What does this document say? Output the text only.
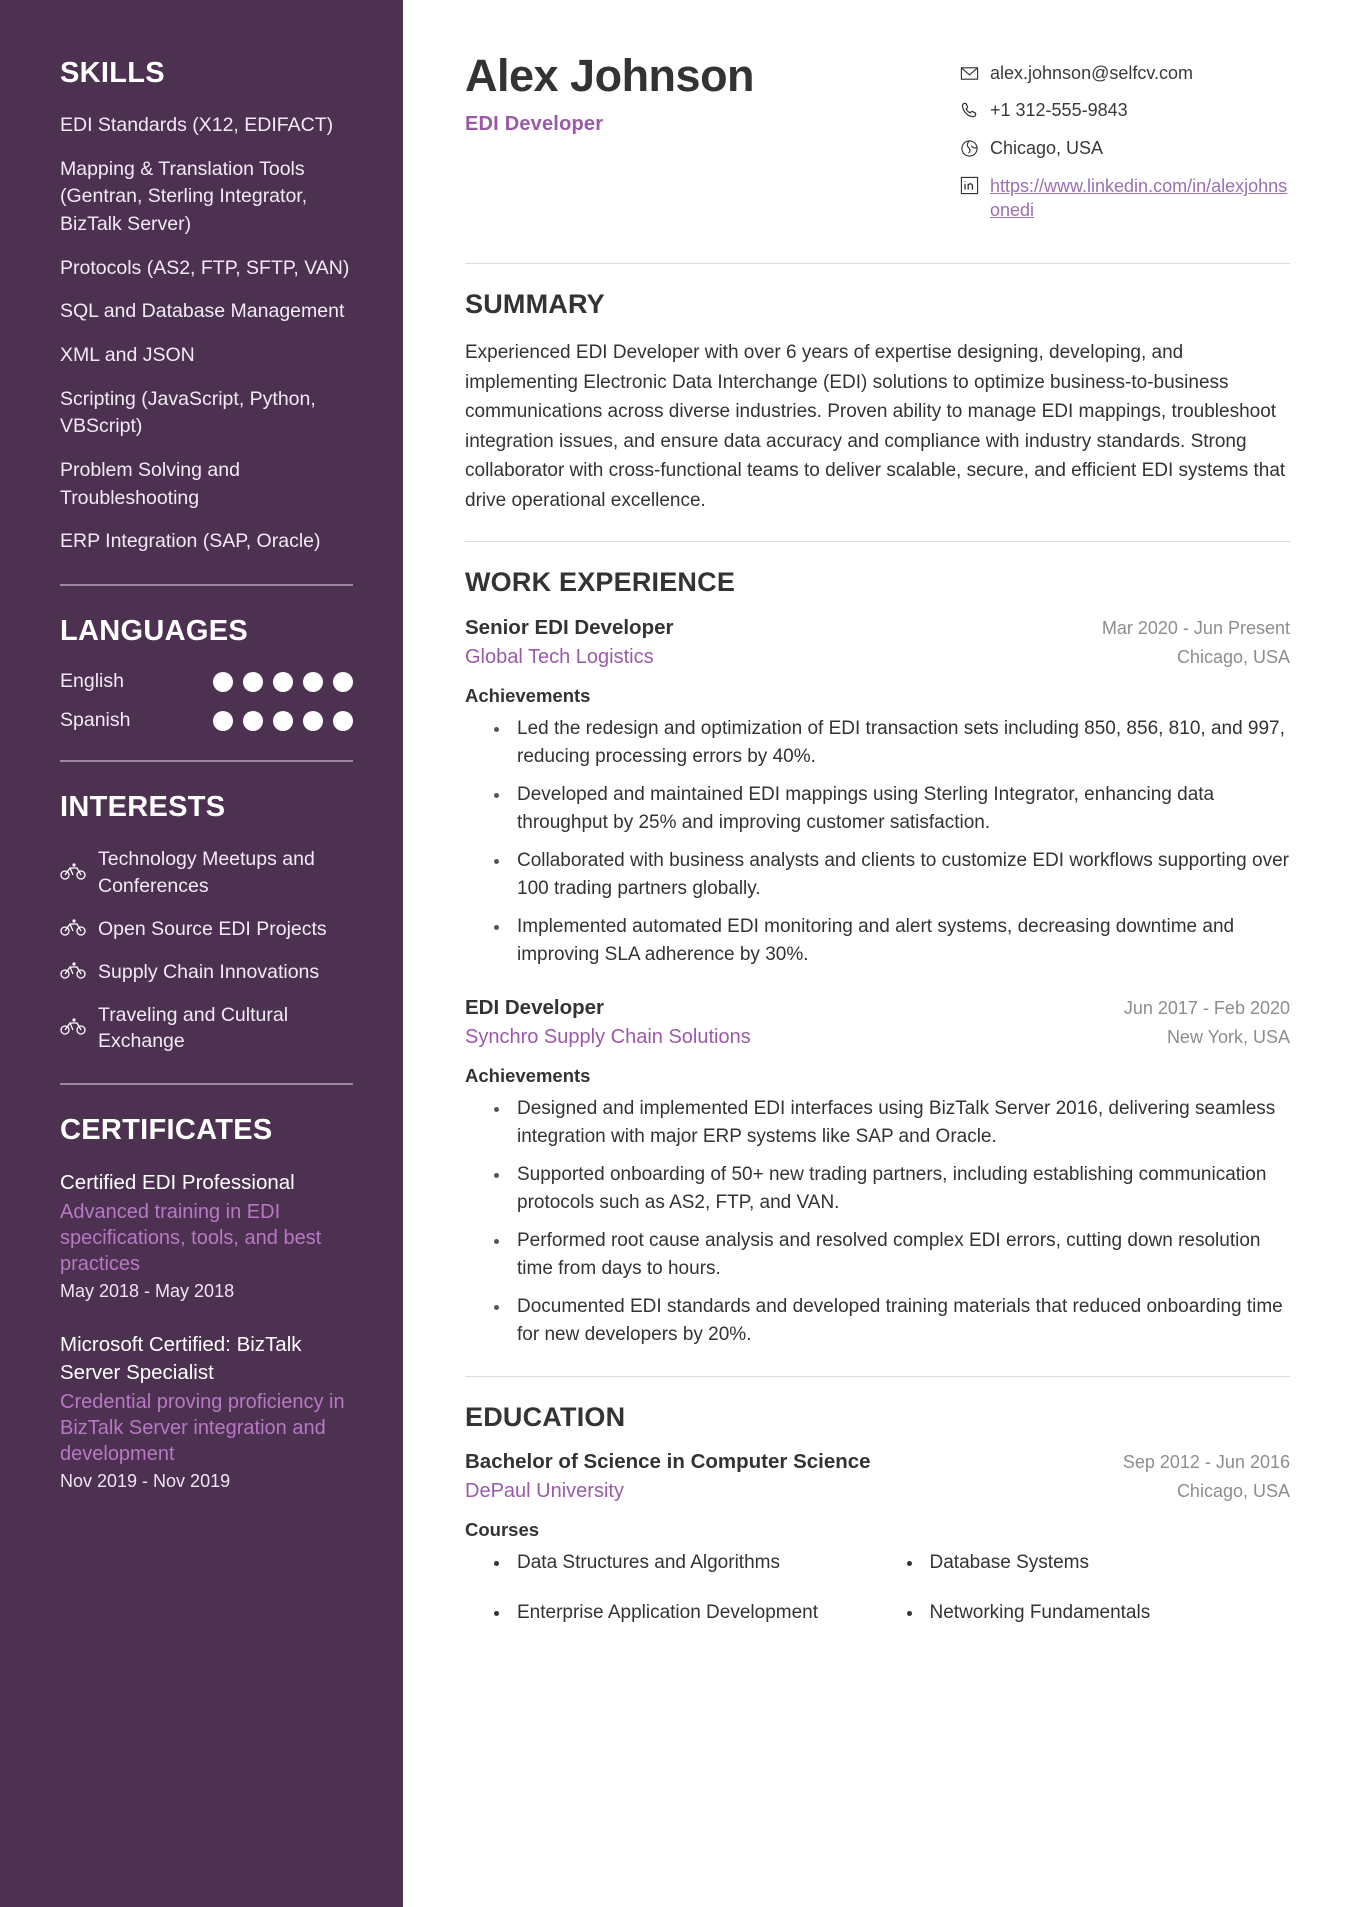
SKILLS
EDI Standards (X12, EDIFACT)
Mapping & Translation Tools (Gentran, Sterling Integrator, BizTalk Server)
Protocols (AS2, FTP, SFTP, VAN)
SQL and Database Management
XML and JSON
Scripting (JavaScript, Python, VBScript)
Problem Solving and Troubleshooting
ERP Integration (SAP, Oracle)
LANGUAGES
English
Spanish
INTERESTS
Technology Meetups and Conferences
Open Source EDI Projects
Supply Chain Innovations
Traveling and Cultural Exchange
CERTIFICATES
Certified EDI Professional
Advanced training in EDI specifications, tools, and best practices
May 2018 - May 2018
Microsoft Certified: BizTalk Server Specialist
Credential proving proficiency in BizTalk Server integration and development
Nov 2019 - Nov 2019
Alex Johnson
EDI Developer
alex.johnson@selfcv.com
+1 312-555-9843
Chicago, USA
https://www.linkedin.com/in/alexjohnsonedi
SUMMARY

Experienced EDI Developer with over 6 years of expertise designing, developing, and implementing Electronic Data Interchange (EDI) solutions to optimize business-to-business communications across diverse industries. Proven ability to manage EDI mappings, troubleshoot integration issues, and ensure data accuracy and compliance with industry standards. Strong collaborator with cross-functional teams to deliver scalable, secure, and efficient EDI systems that drive operational excellence.

WORK EXPERIENCE
Senior EDI Developer	Mar 2020 - Jun Present
Global Tech Logistics	Chicago, USA
Achievements
• Led the redesign and optimization of EDI transaction sets including 850, 856, 810, and 997, reducing processing errors by 40%.
• Developed and maintained EDI mappings using Sterling Integrator, enhancing data throughput by 25% and improving customer satisfaction.
• Collaborated with business analysts and clients to customize EDI workflows supporting over 100 trading partners globally.
• Implemented automated EDI monitoring and alert systems, decreasing downtime and improving SLA adherence by 30%.
EDI Developer	Jun 2017 - Feb 2020
Synchro Supply Chain Solutions	New York, USA
Achievements
• Designed and implemented EDI interfaces using BizTalk Server 2016, delivering seamless integration with major ERP systems like SAP and Oracle.
• Supported onboarding of 50+ new trading partners, including establishing communication protocols such as AS2, FTP, and VAN.
• Performed root cause analysis and resolved complex EDI errors, cutting down resolution time from days to hours.
• Documented EDI standards and developed training materials that reduced onboarding time for new developers by 20%.
EDUCATION
Bachelor of Science in Computer Science	Sep 2012 - Jun 2016
DePaul University	Chicago, USA
Courses
• Data Structures and Algorithms	• Database Systems
• Enterprise Application Development	• Networking Fundamentals
